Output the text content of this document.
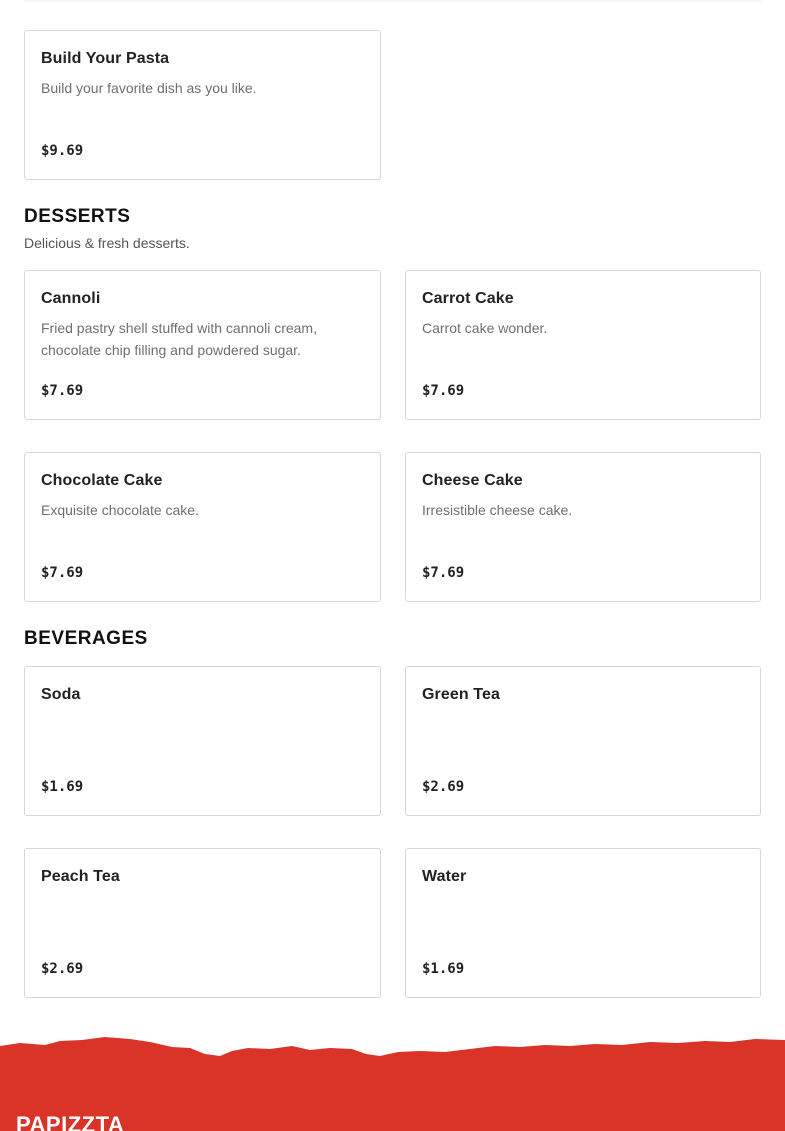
Build Your Pasta
Build your favorite dish as you like.
$9.69
DESSERTS
Delicious & fresh desserts.
Cannoli
Fried pastry shell stuffed with cannoli cream, chocolate chip filling and powdered sugar.
$7.69
Carrot Cake
Carrot cake wonder.
$7.69
Chocolate Cake
Exquisite chocolate cake.
$7.69
Cheese Cake
Irresistible cheese cake.
$7.69
BEVERAGES
Soda
$1.69
Green Tea
$2.69
Peach Tea
$2.69
Water
$1.69
PAPIZZTA
